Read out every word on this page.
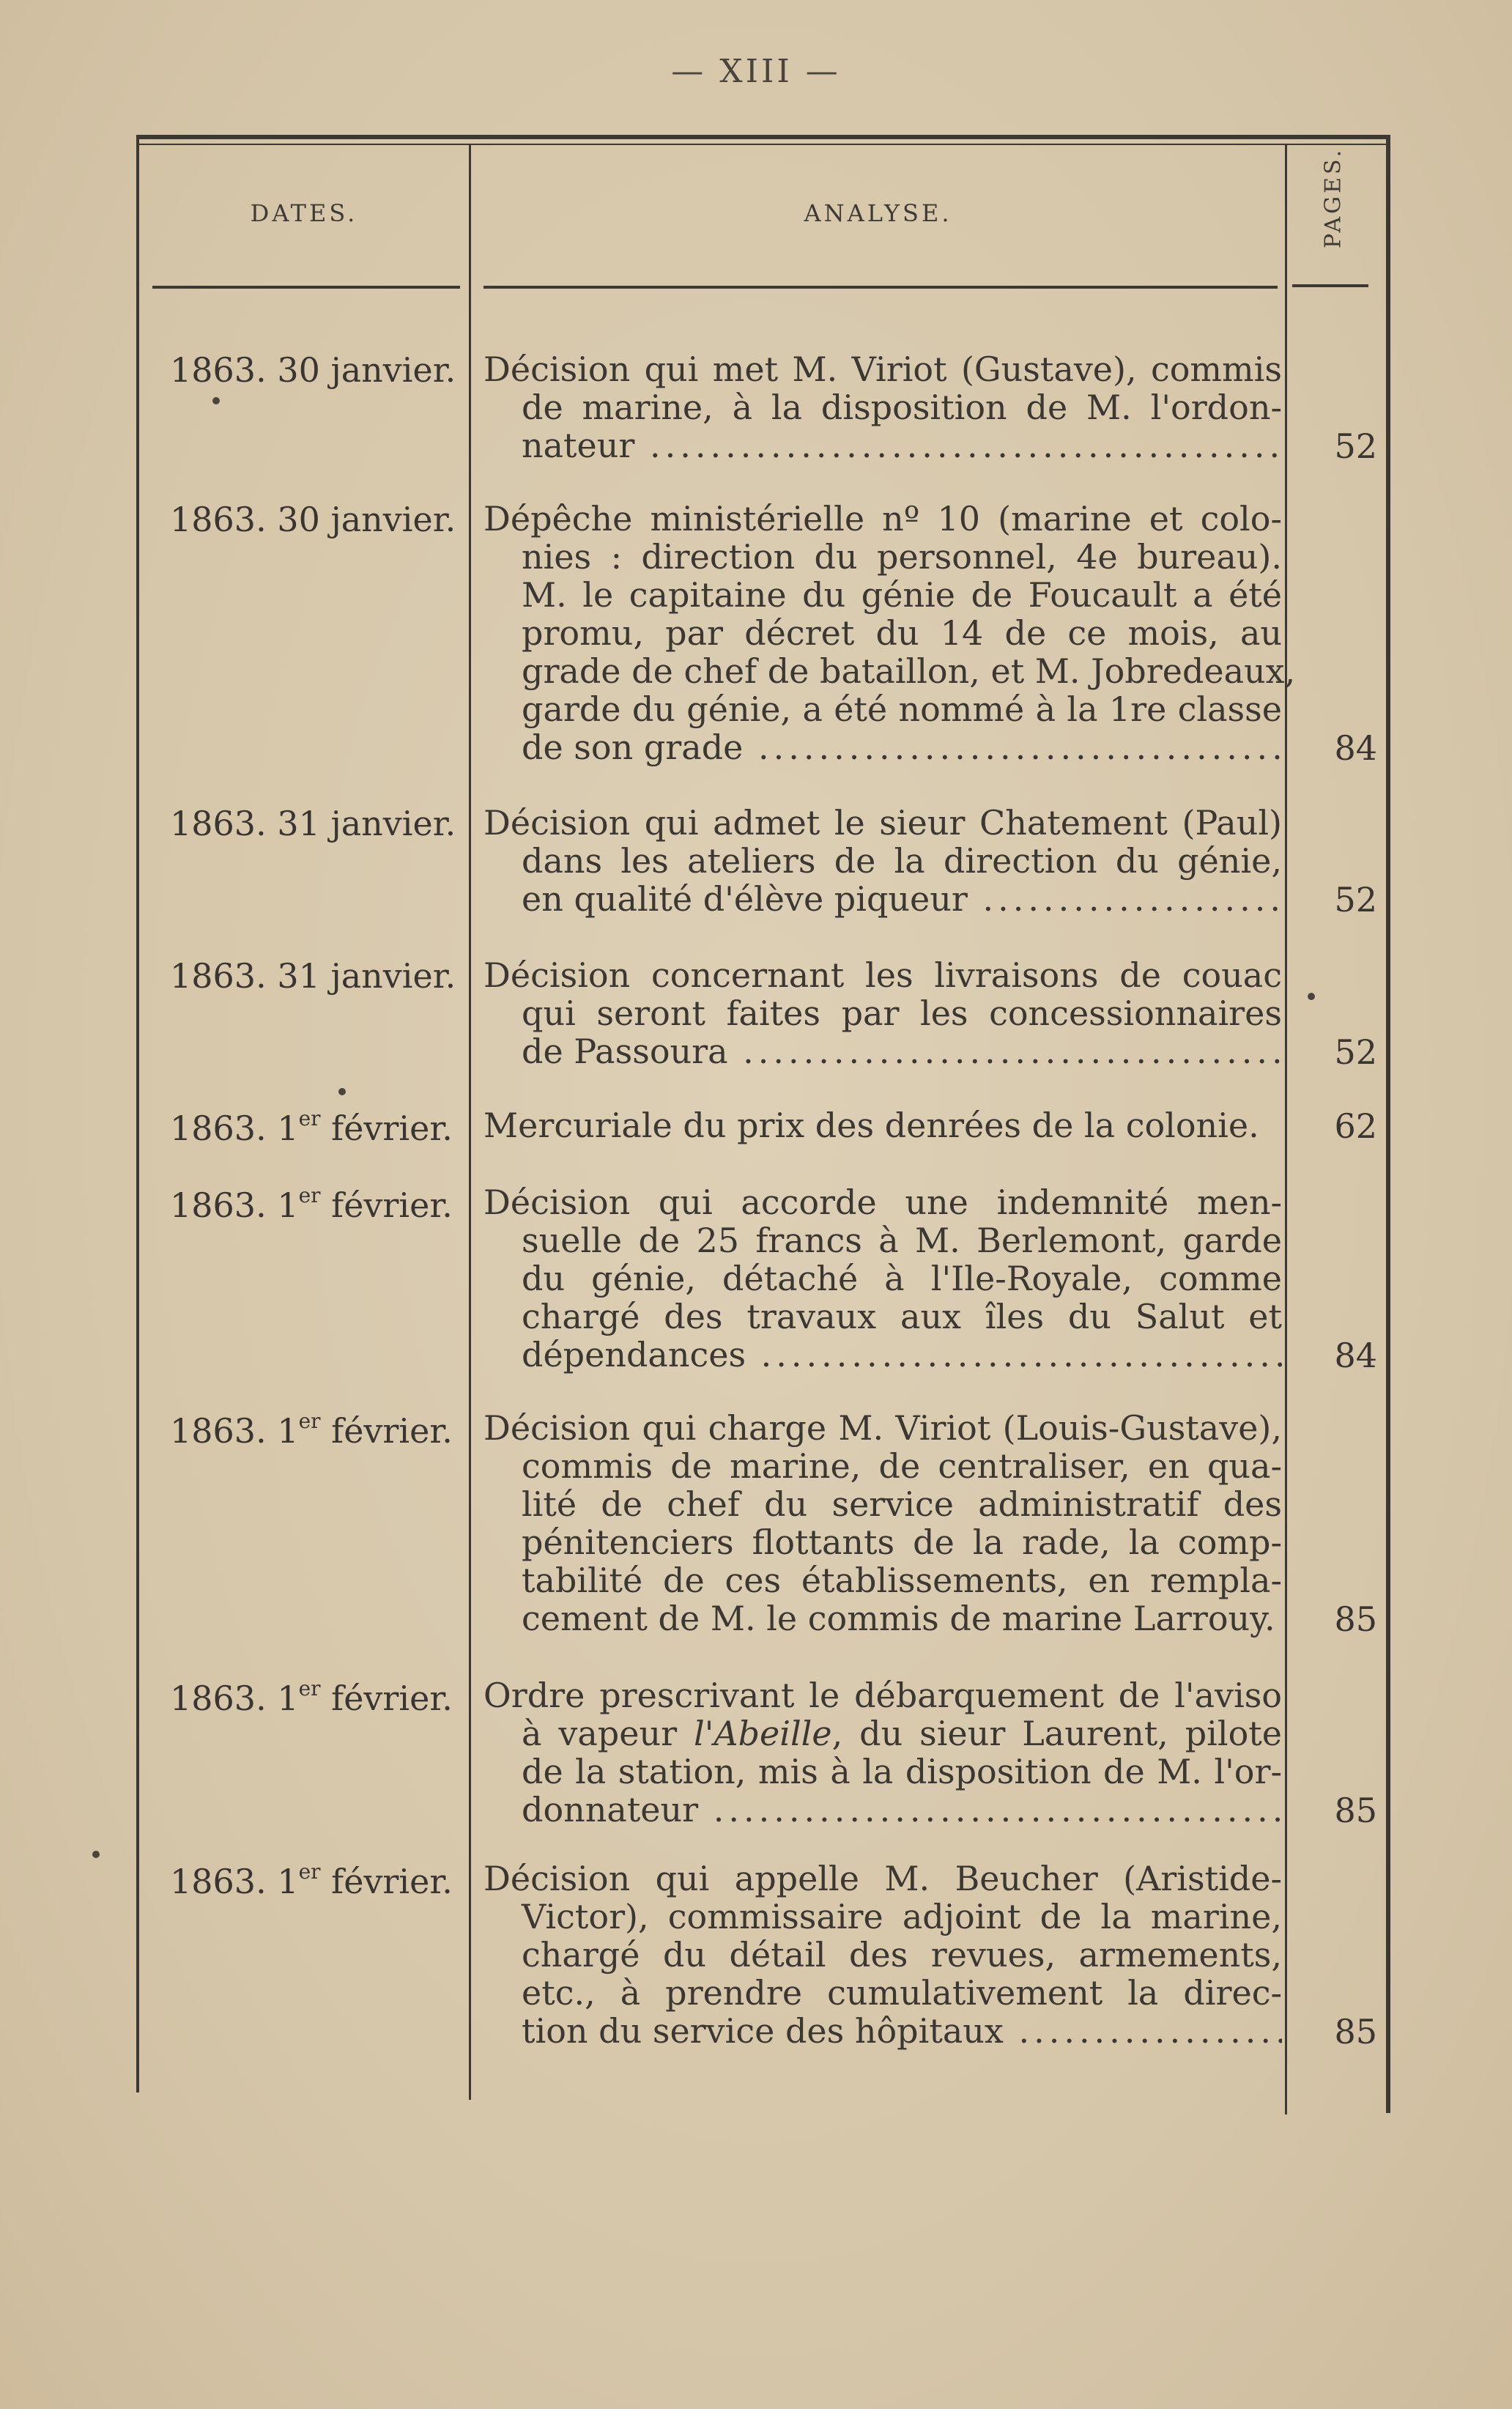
— XIII —
DATES.	ANALYSE.	PAGES.
1863. 30 janvier. Décision qui met M. Viriot (Gustave), commis
de marine, à la disposition de M. l'ordon-
nateur .....	52
1863. 30 janvier. Dépêche ministérielle nº 10 (marine et colo-
nies : direction du personnel, 4e bureau).
M. le capitaine du génie de Foucault a été
promu, par décret du 14 de ce mois, au
grade de chef de bataillon, et M. Jobredeaux,
garde du génie, a été nommé à la 1re classe
de son grade .....	84
1863. 31 janvier. Décision qui admet le sieur Chatement (Paul)
dans les ateliers de la direction du génie,
en qualité d'élève piqueur .....	52
1863. 31 janvier. Décision concernant les livraisons de couac
qui seront faites par les concessionnaires
de Passoura .....	52
1863. 1er février. Mercuriale du prix des denrées de la colonie.	62
1863. 1er février. Décision qui accorde une indemnité men-
suelle de 25 francs à M. Berlemont, garde
du génie, détaché à l'Ile-Royale, comme
chargé des travaux aux îles du Salut et
dépendances .....	84
1863. 1er février. Décision qui charge M. Viriot (Louis-Gustave),
commis de marine, de centraliser, en qua-
lité de chef du service administratif des
pénitenciers flottants de la rade, la comp-
tabilité de ces établissements, en rempla-
cement de M. le commis de marine Larrouy.	85
1863. 1er février. Ordre prescrivant le débarquement de l'aviso
à vapeur l'Abeille, du sieur Laurent, pilote
de la station, mis à la disposition de M. l'or-
donnateur .....	85
1863. 1er février. Décision qui appelle M. Beucher (Aristide-
Victor), commissaire adjoint de la marine,
chargé du détail des revues, armements,
etc., à prendre cumulativement la direc-
tion du service des hôpitaux .....	85
